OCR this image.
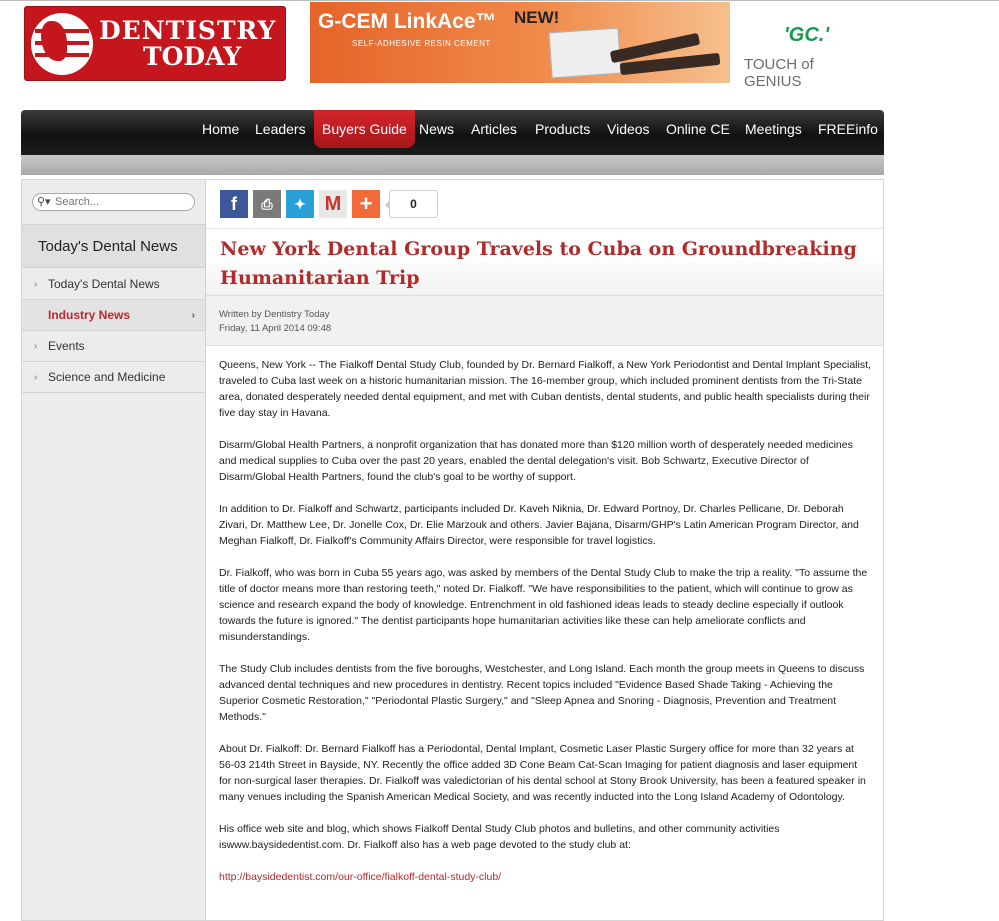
DENTISTRY
TODAY
G-CEM LinkAce™
SELF-ADHESIVE RESIN CEMENT
NEW!
'GC.'
TOUCH of GENIUS
Home Leaders	Buyers Guide News Articles Products Videos Online CE Meetings FREEinfo
⚲▾
Search...
Today's Dental News
› Today's Dental News
Industry News	›
› Events
› Science and Medicine
f	⎙	✦ M +	0
New York Dental Group Travels to Cuba on Groundbreaking Humanitarian Trip
Written by Dentistry Today
Friday, 11 April 2014 09:48

Queens, New York -- The Fialkoff Dental Study Club, founded by Dr. Bernard Fialkoff, a New York Periodontist and Dental Implant Specialist, traveled to Cuba last week on a historic humanitarian mission. The 16-member group, which included prominent dentists from the Tri-State area, donated desperately needed dental equipment, and met with Cuban dentists, dental students, and public health specialists during their five day stay in Havana.

Disarm/Global Health Partners, a nonprofit organization that has donated more than $120 million worth of desperately needed medicines and medical supplies to Cuba over the past 20 years, enabled the dental delegation's visit. Bob Schwartz, Executive Director of Disarm/Global Health Partners, found the club's goal to be worthy of support.

In addition to Dr. Fialkoff and Schwartz, participants included Dr. Kaveh Niknia, Dr. Edward Portnoy, Dr. Charles Pellicane, Dr. Deborah Zivari, Dr. Matthew Lee, Dr. Jonelle Cox, Dr. Elie Marzouk and others. Javier Bajana, Disarm/GHP's Latin American Program Director, and Meghan Fialkoff, Dr. Fialkoff's Community Affairs Director, were responsible for travel logistics.

Dr. Fialkoff, who was born in Cuba 55 years ago, was asked by members of the Dental Study Club to make the trip a reality. "To assume the title of doctor means more than restoring teeth," noted Dr. Fialkoff. "We have responsibilities to the patient, which will continue to grow as science and research expand the body of knowledge. Entrenchment in old fashioned ideas leads to steady decline especially if outlook towards the future is ignored." The dentist participants hope humanitarian activities like these can help ameliorate conflicts and misunderstandings.

The Study Club includes dentists from the five boroughs, Westchester, and Long Island. Each month the group meets in Queens to discuss advanced dental techniques and new procedures in dentistry. Recent topics included "Evidence Based Shade Taking - Achieving the Superior Cosmetic Restoration," "Periodontal Plastic Surgery," and "Sleep Apnea and Snoring - Diagnosis, Prevention and Treatment Methods."

About Dr. Fialkoff: Dr. Bernard Fialkoff has a Periodontal, Dental Implant, Cosmetic Laser Plastic Surgery office for more than 32 years at 56-03 214th Street in Bayside, NY. Recently the office added 3D Cone Beam Cat-Scan Imaging for patient diagnosis and laser equipment for non-surgical laser therapies. Dr. Fialkoff was valedictorian of his dental school at Stony Brook University, has been a featured speaker in many venues including the Spanish American Medical Society, and was recently inducted into the Long Island Academy of Odontology.

His office web site and blog, which shows Fialkoff Dental Study Club photos and bulletins, and other community activities iswww.baysidedentist.com. Dr. Fialkoff also has a web page devoted to the study club at:

http://baysidedentist.com/our-office/fialkoff-dental-study-club/
